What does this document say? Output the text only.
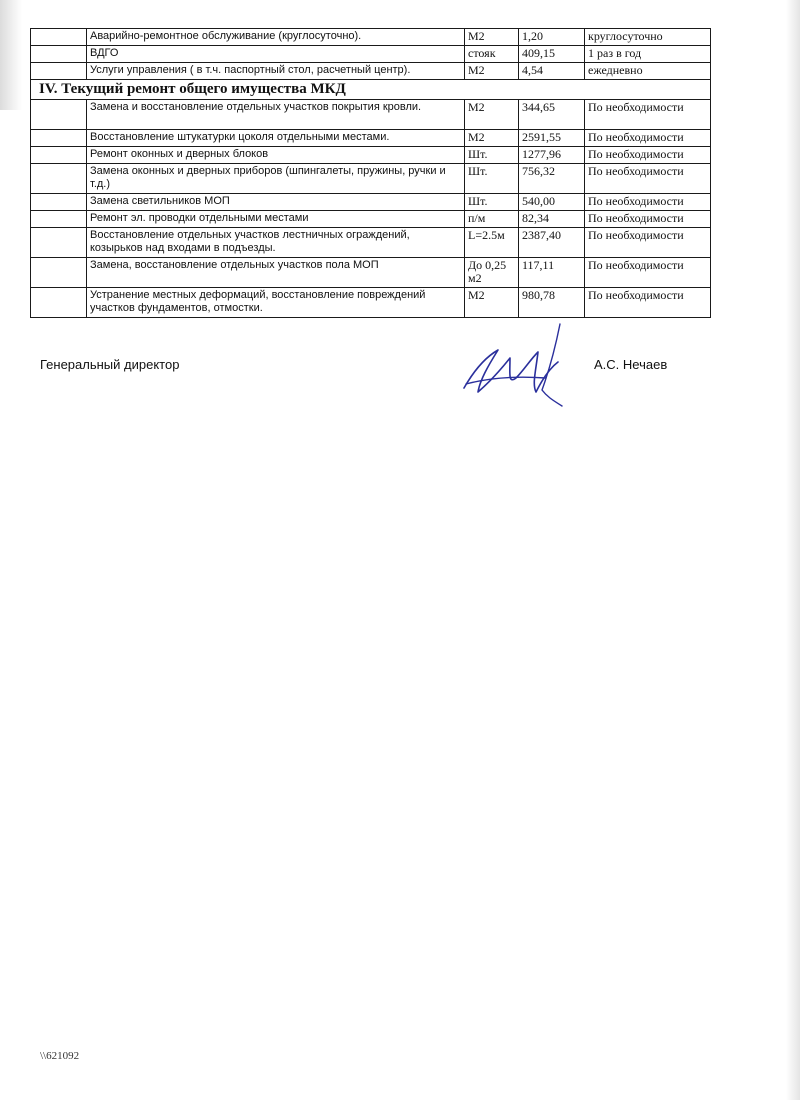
	Аварийно-ремонтное обслуживание (круглосуточно).	М2	1,20	круглосуточно
	ВДГО	стояк	409,15	1 раз в год
	Услуги управления ( в т.ч. паспортный стол, расчетный центр).	М2	4,54	ежедневно
IV. Текущий ремонт общего имущества МКД				
	Замена и восстановление отдельных участков покрытия кровли.	М2	344,65	По необходимости
	Восстановление штукатурки цоколя отдельными местами.	М2	2591,55	По необходимости
	Ремонт оконных и дверных блоков	Шт.	1277,96	По необходимости
	Замена оконных и дверных приборов (шпингалеты, пружины, ручки и т.д.)	Шт.	756,32	По необходимости
	Замена светильников МОП	Шт.	540,00	По необходимости
	Ремонт эл. проводки отдельными местами	п/м	82,34	По необходимости
	Восстановление отдельных участков лестничных ограждений, козырьков над входами в подъезды.	L=2.5м	2387,40	По необходимости
	Замена, восстановление отдельных участков пола МОП	До 0,25 м2	117,11	По необходимости
	Устранение местных деформаций, восстановление повреждений участков фундаментов, отмостки.	М2	980,78	По необходимости
Генеральный директор	А.С. Нечаев
\\621092
